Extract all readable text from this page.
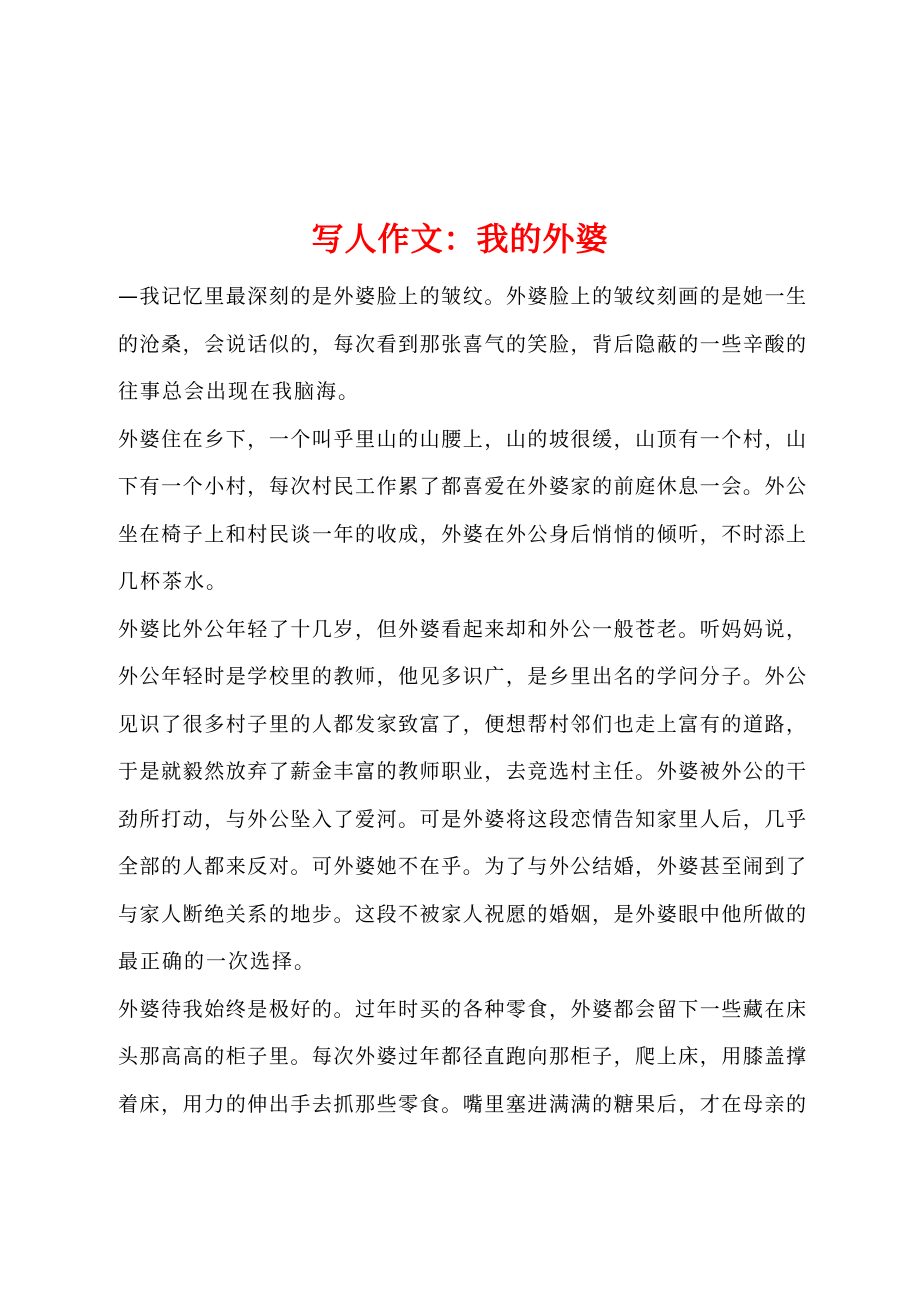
写人作文：我的外婆
—我记忆里最深刻的是外婆脸上的皱纹。外婆脸上的皱纹刻画的是她一生
的沧桑，会说话似的，每次看到那张喜气的笑脸，背后隐蔽的一些辛酸的
往事总会出现在我脑海。
外婆住在乡下，一个叫乎里山的山腰上，山的坡很缓，山顶有一个村，山
下有一个小村，每次村民工作累了都喜爱在外婆家的前庭休息一会。外公
坐在椅子上和村民谈一年的收成，外婆在外公身后悄悄的倾听，不时添上
几杯茶水。
外婆比外公年轻了十几岁，但外婆看起来却和外公一般苍老。听妈妈说，
外公年轻时是学校里的教师，他见多识广，是乡里出名的学问分子。外公
见识了很多村子里的人都发家致富了，便想帮村邻们也走上富有的道路，
于是就毅然放弃了薪金丰富的教师职业，去竞选村主任。外婆被外公的干
劲所打动，与外公坠入了爱河。可是外婆将这段恋情告知家里人后，几乎
全部的人都来反对。可外婆她不在乎。为了与外公结婚，外婆甚至闹到了
与家人断绝关系的地步。这段不被家人祝愿的婚姻，是外婆眼中他所做的
最正确的一次选择。
外婆待我始终是极好的。过年时买的各种零食，外婆都会留下一些藏在床
头那高高的柜子里。每次外婆过年都径直跑向那柜子，爬上床，用膝盖撑
着床，用力的伸出手去抓那些零食。嘴里塞进满满的糖果后，才在母亲的
